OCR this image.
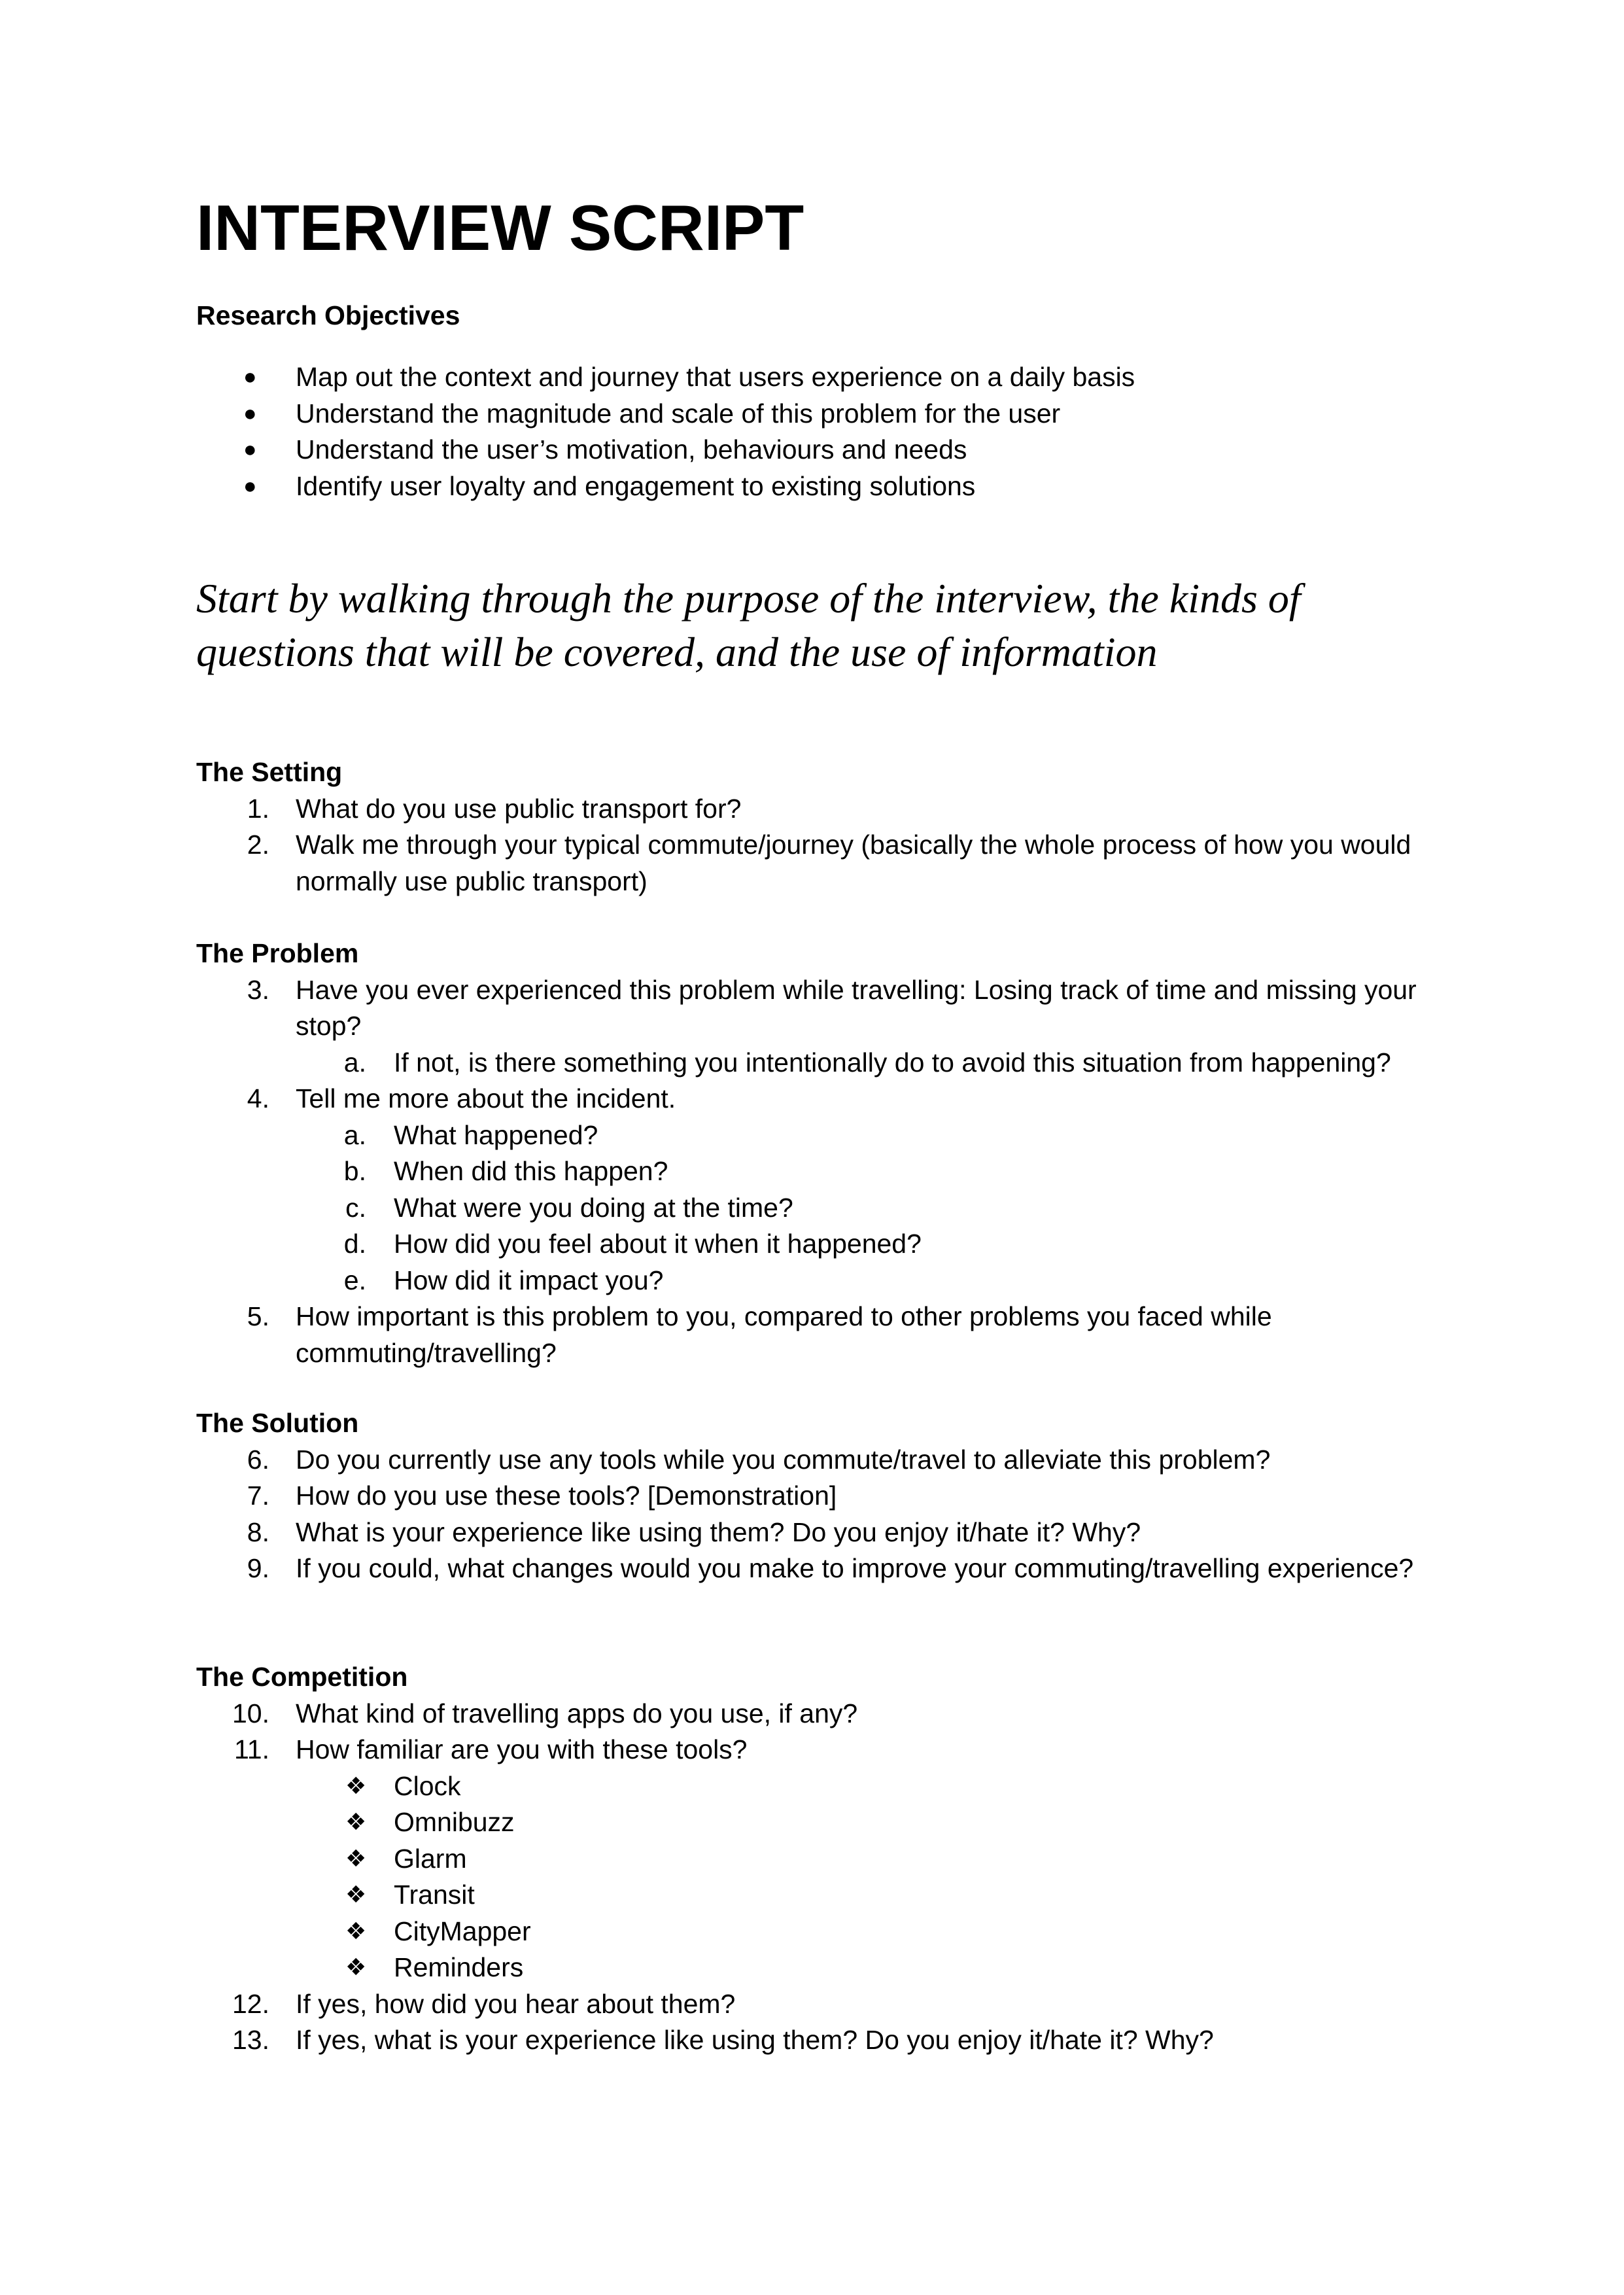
INTERVIEW SCRIPT
Research Objectives
● Map out the context and journey that users experience on a daily basis
● Understand the magnitude and scale of this problem for the user
● Understand the user’s motivation, behaviours and needs
● Identify user loyalty and engagement to existing solutions
Start by walking through the purpose of the interview, the kinds of questions that will be covered, and the use of information
The Setting
1. What do you use public transport for?
2. Walk me through your typical commute/journey (basically the whole process of how you would normally use public transport)
The Problem
3. Have you ever experienced this problem while travelling: Losing track of time and missing your stop?
a. If not, is there something you intentionally do to avoid this situation from happening?
4. Tell me more about the incident.
a. What happened?
b. When did this happen?
c. What were you doing at the time?
d. How did you feel about it when it happened?
e. How did it impact you?
5. How important is this problem to you, compared to other problems you faced while commuting/travelling?
The Solution
6. Do you currently use any tools while you commute/travel to alleviate this problem?
7. How do you use these tools? [Demonstration]
8. What is your experience like using them? Do you enjoy it/hate it? Why?
9. If you could, what changes would you make to improve your commuting/travelling experience?
The Competition
10. What kind of travelling apps do you use, if any?
11. How familiar are you with these tools?
❖ Clock
❖ Omnibuzz
❖ Glarm
❖ Transit
❖ CityMapper
❖ Reminders
12. If yes, how did you hear about them?
13. If yes, what is your experience like using them? Do you enjoy it/hate it? Why?
